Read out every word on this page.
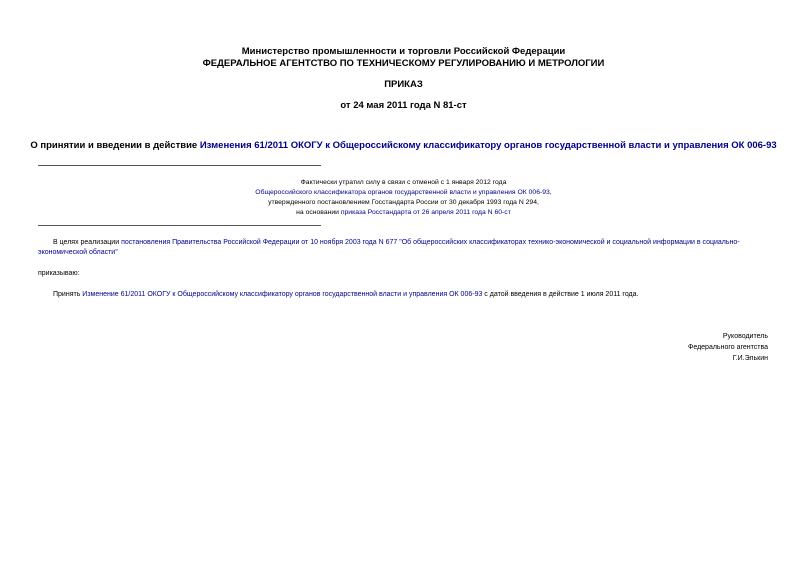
Министерство промышленности и торговли Российской Федерации
ФЕДЕРАЛЬНОЕ АГЕНТСТВО ПО ТЕХНИЧЕСКОМУ РЕГУЛИРОВАНИЮ И МЕТРОЛОГИИ
ПРИКАЗ
от 24 мая 2011 года N 81-ст
О принятии и введении в действие Изменения 61/2011 ОКОГУ к Общероссийскому классификатору органов государственной власти и управления ОК 006-93
Фактически утратил силу в связи с отменой с 1 января 2012 года
Общероссийского классификатора органов государственной власти и управления ОК 006-93,
утвержденного постановлением Госстандарта России от 30 декабря 1993 года N 294,
на основании приказа Росстандарта от 26 апреля 2011 года N 60-ст
В целях реализации постановления Правительства Российской Федерации от 10 ноября 2003 года N 677 "Об общероссийских классификаторах технико-экономической и социальной информации в социально-экономической области"
приказываю:
Принять Изменение 61/2011 ОКОГУ к Общероссийскому классификатору органов государственной власти и управления ОК 006-93 с датой введения в действие 1 июля 2011 года.
Руководитель
Федерального агентства
Г.И.Элькин
